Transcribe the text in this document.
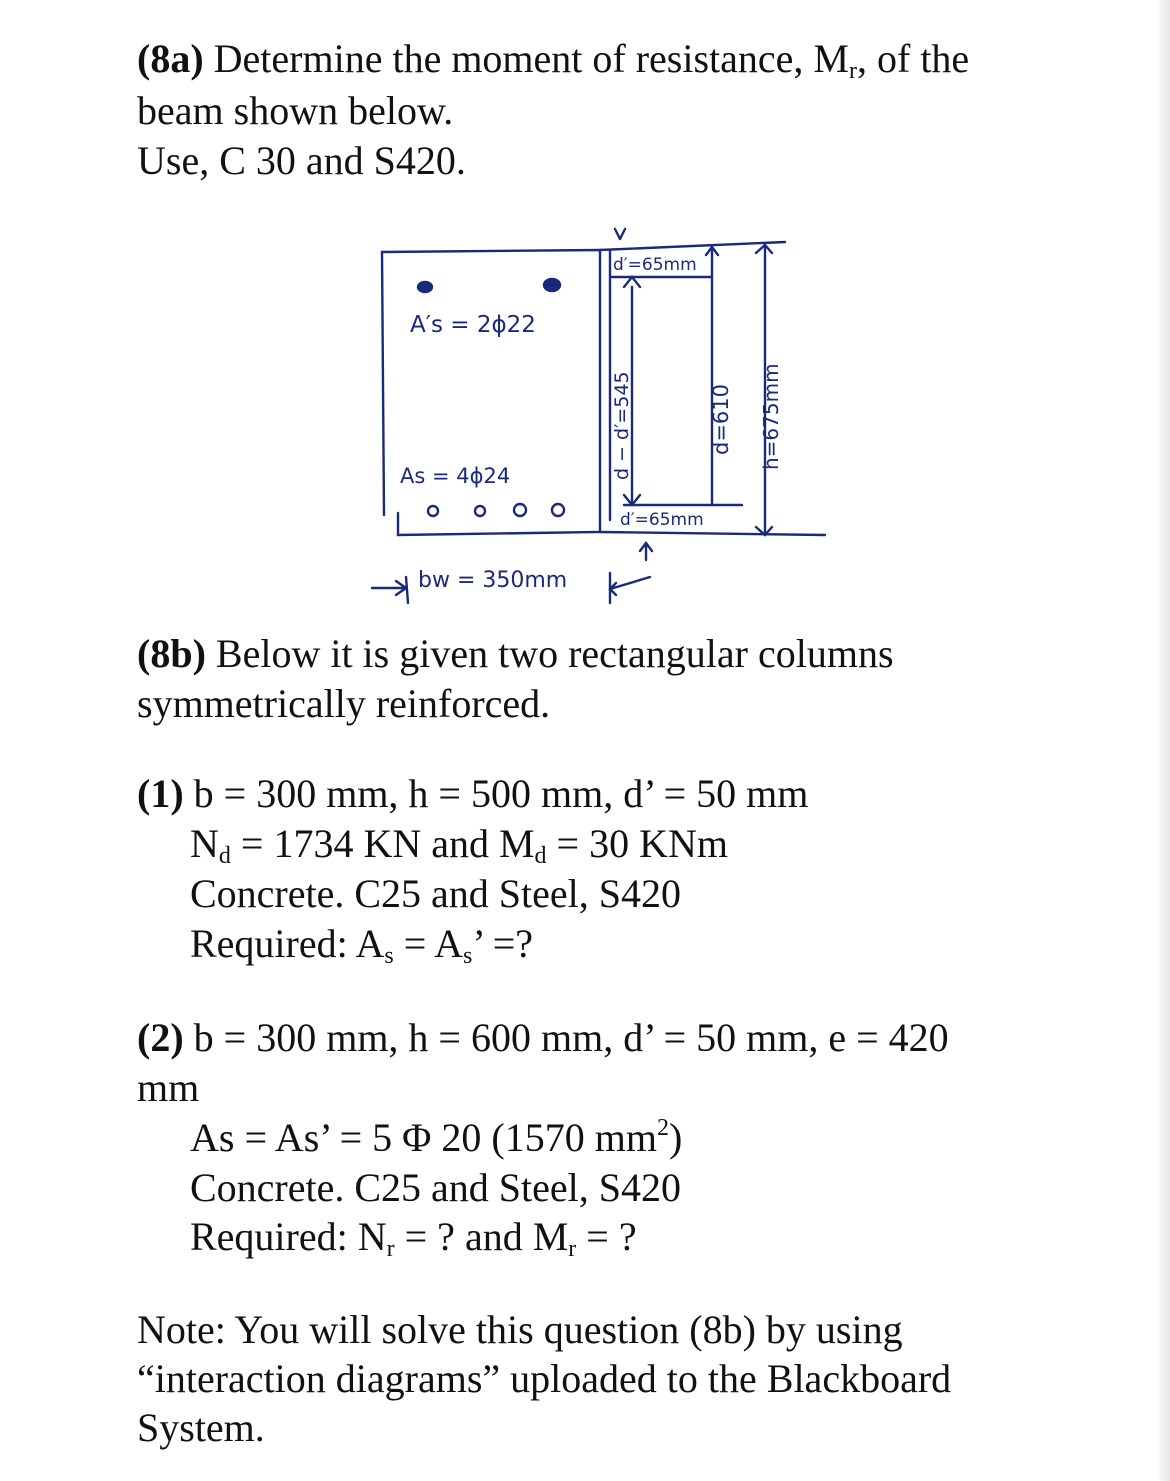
(8a) Determine the moment of resistance, $M_r$, of the
beam shown below.
Use, C 30 and S420.
A′s = 2ϕ22
As = 4ϕ24
bw = 350mm
d′=65mm
d′=65mm
d − d′=545	d=610 h=675mm
(8b) Below it is given two rectangular columns
symmetrically reinforced.
(1) b = 300 mm, h = 500 mm, d’ = 50 mm
$N_d = 1734$ KN and $M_d = 30$ KNm
Concrete. C25 and Steel, S420
Required: $A_s = A_s$’ =?
(2) b = 300 mm, h = 600 mm, d’ = 50 mm, e = 420
mm
As = As’ = 5 Φ 20 (1570 $mm^2$)
Concrete. C25 and Steel, S420
Required: $N_r$ = ? and $M_r$ = ?
Note: You will solve this question (8b) by using
“interaction diagrams” uploaded to the Blackboard
System.
